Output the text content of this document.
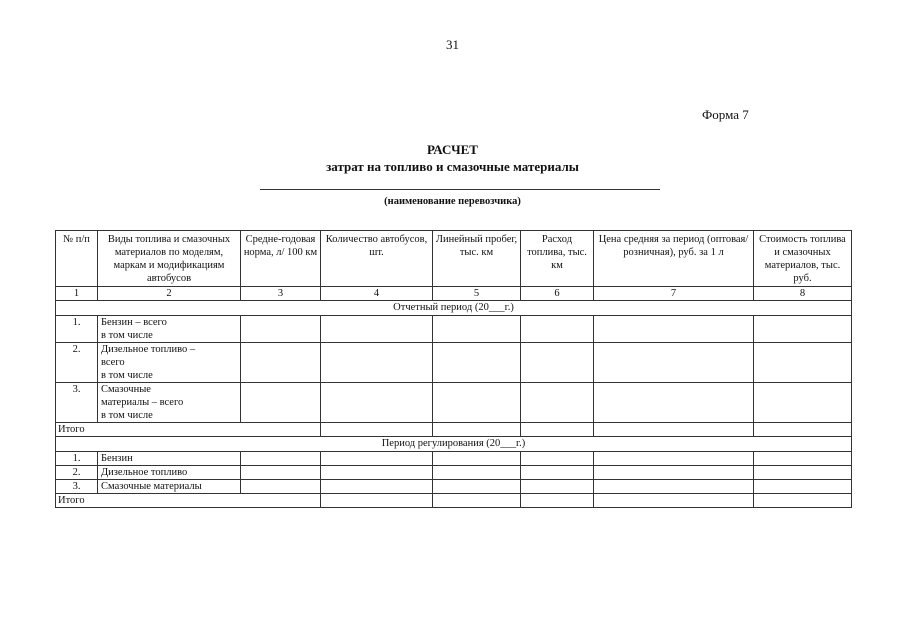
31
Форма 7
РАСЧЕТ
затрат на топливо и смазочные материалы
(наименование перевозчика)
№ п/п	Виды топлива и смазочных материалов по моделям, маркам и модификациям автобусов	Средне-годовая норма, л/ 100 км	Количество автобусов, шт.	Линейный пробег, тыс. км	Расход топлива, тыс. км	Цена средняя за период (оптовая/розничная), руб. за 1 л	Стоимость топлива и смазочных материалов, тыс. руб.
1	2	3	4	5	6	7	8
Отчетный период (20___г.)							
1.	Бензин – всего
в том числе						

2.	Дизельное топливо –
всего
в том числе						

3.	Смазочные
материалы – всего
в том числе						

Итого							
Период регулирования (20___г.)							
1.	Бензин						
2.	Дизельное топливо						
3.	Смазочные материалы						
Итого							
